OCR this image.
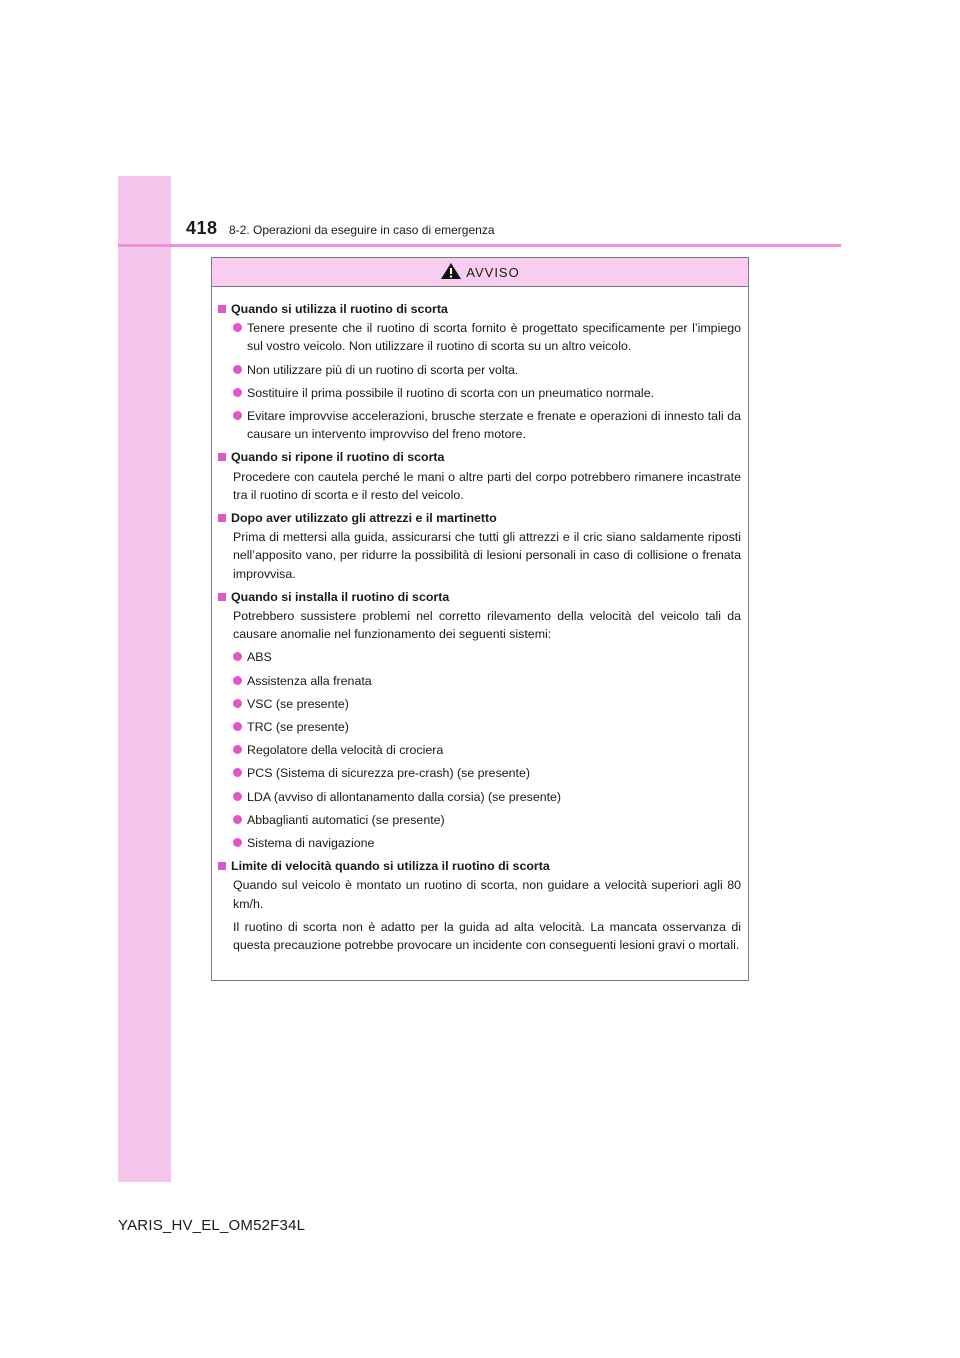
418 8-2. Operazioni da eseguire in caso di emergenza
AVVISO
Quando si utilizza il ruotino di scorta
Tenere presente che il ruotino di scorta fornito è progettato specificamente per l’impiego sul vostro veicolo. Non utilizzare il ruotino di scorta su un altro veicolo.
Non utilizzare più di un ruotino di scorta per volta.
Sostituire il prima possibile il ruotino di scorta con un pneumatico normale.
Evitare improvvise accelerazioni, brusche sterzate e frenate e operazioni di innesto tali da causare un intervento improvviso del freno motore.
Quando si ripone il ruotino di scorta
Procedere con cautela perché le mani o altre parti del corpo potrebbero rimanere incastrate tra il ruotino di scorta e il resto del veicolo.
Dopo aver utilizzato gli attrezzi e il martinetto
Prima di mettersi alla guida, assicurarsi che tutti gli attrezzi e il cric siano saldamente riposti nell’apposito vano, per ridurre la possibilità di lesioni personali in caso di collisione o frenata improvvisa.
Quando si installa il ruotino di scorta
Potrebbero sussistere problemi nel corretto rilevamento della velocità del veicolo tali da causare anomalie nel funzionamento dei seguenti sistemi:
ABS
Assistenza alla frenata
VSC (se presente)
TRC (se presente)
Regolatore della velocità di crociera
PCS (Sistema di sicurezza pre-crash) (se presente)
LDA (avviso di allontanamento dalla corsia) (se presente)
Abbaglianti automatici (se presente)
Sistema di navigazione
Limite di velocità quando si utilizza il ruotino di scorta
Quando sul veicolo è montato un ruotino di scorta, non guidare a velocità superiori agli 80 km/h.
Il ruotino di scorta non è adatto per la guida ad alta velocità. La mancata osservanza di questa precauzione potrebbe provocare un incidente con conseguenti lesioni gravi o mortali.
YARIS_HV_EL_OM52F34L
